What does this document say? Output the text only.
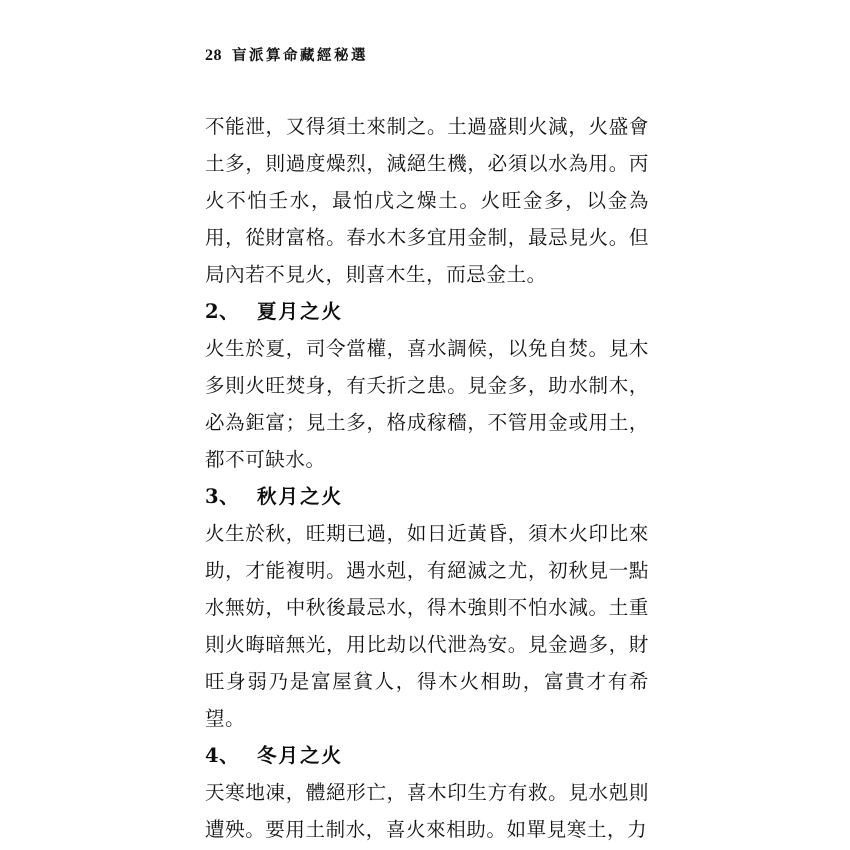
28 盲派算命藏經秘選

不能泄，又得須土來制之。土過盛則火減，火盛會土多，則過度燥烈，減絕生機，必須以水為用。丙火不怕壬水，最怕戊之燥土。火旺金多，以金為用，從財富格。春水木多宜用金制，最忌見火。但局內若不見火，則喜木生，而忌金土。

2、 夏月之火

火生於夏，司令當權，喜水調候，以免自焚。見木多則火旺焚身，有夭折之患。見金多，助水制木，必為鉅富；見土多，格成稼穡，不管用金或用土，都不可缺水。

3、 秋月之火

火生於秋，旺期已過，如日近黃昏，須木火印比來助，才能複明。遇水剋，有絕滅之尤，初秋見一點水無妨，中秋後最忌水，得木強則不怕水減。土重則火晦暗無光，用比劫以代泄為安。見金過多，財旺身弱乃是富屋貧人，得木火相助，富貴才有希望。

4、 冬月之火

天寒地凍，體絕形亡，喜木印生方有救。見水剋則遭殃。要用土制水，喜火來相助。如單見寒土，力
